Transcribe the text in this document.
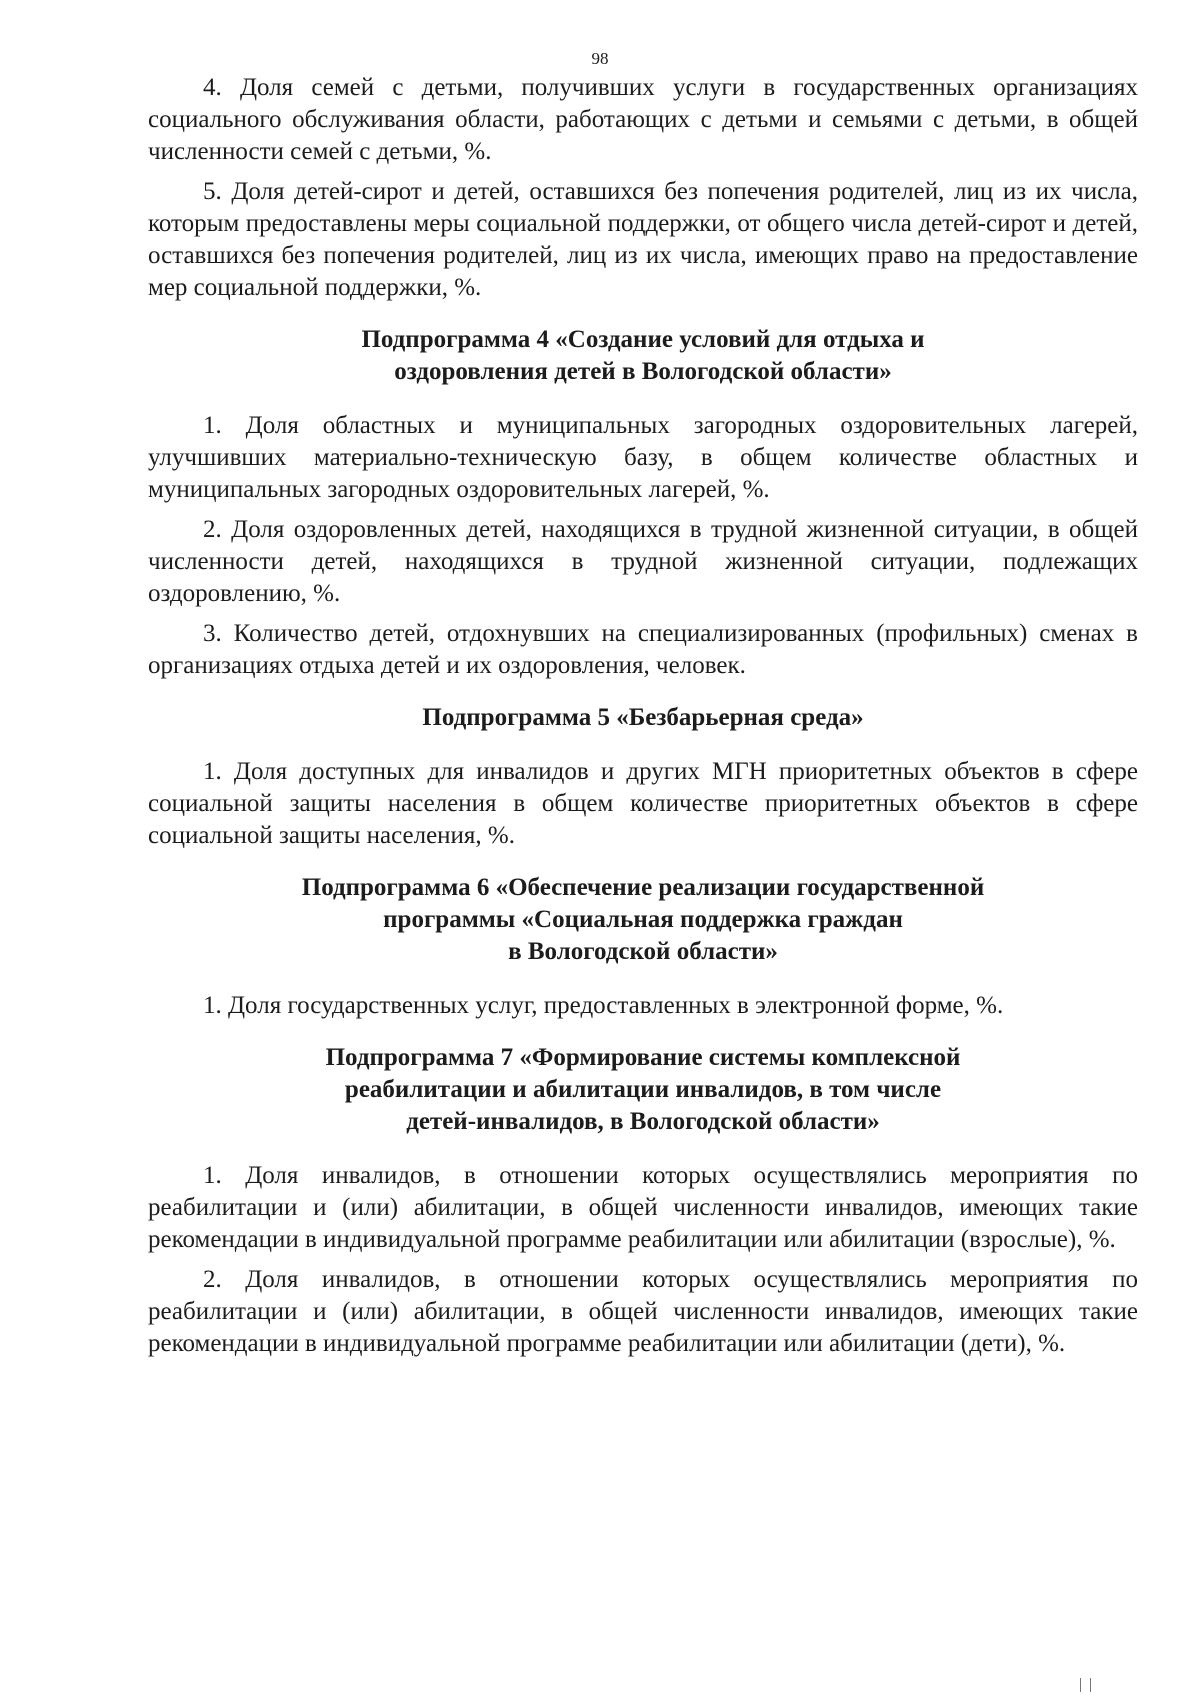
98

4. Доля семей с детьми, получивших услуги в государственных организациях социального обслуживания области, работающих с детьми и семьями с детьми, в общей численности семей с детьми, %.

5. Доля детей-сирот и детей, оставшихся без попечения родителей, лиц из их числа, которым предоставлены меры социальной поддержки, от общего числа детей-сирот и детей, оставшихся без попечения родителей, лиц из их числа, имеющих право на предоставление мер социальной поддержки, %.

Подпрограмма 4 «Создание условий для отдыха и
оздоровления детей в Вологодской области»

1. Доля областных и муниципальных загородных оздоровительных лагерей, улучшивших материально-техническую базу, в общем количестве областных и муниципальных загородных оздоровительных лагерей, %.

2. Доля оздоровленных детей, находящихся в трудной жизненной ситуации, в общей численности детей, находящихся в трудной жизненной ситуации, подлежащих оздоровлению, %.

3. Количество детей, отдохнувших на специализированных (профильных) сменах в организациях отдыха детей и их оздоровления, человек.

Подпрограмма 5 «Безбарьерная среда»

1. Доля доступных для инвалидов и других МГН приоритетных объектов в сфере социальной защиты населения в общем количестве приоритетных объектов в сфере социальной защиты населения, %.

Подпрограмма 6 «Обеспечение реализации государственной
программы «Социальная поддержка граждан
в Вологодской области»

1. Доля государственных услуг, предоставленных в электронной форме, %.

Подпрограмма 7 «Формирование системы комплексной
реабилитации и абилитации инвалидов, в том числе
детей-инвалидов, в Вологодской области»

1. Доля инвалидов, в отношении которых осуществлялись мероприятия по реабилитации и (или) абилитации, в общей численности инвалидов, имеющих такие рекомендации в индивидуальной программе реабилитации или абилитации (взрослые), %.

2. Доля инвалидов, в отношении которых осуществлялись мероприятия по реабилитации и (или) абилитации, в общей численности инвалидов, имеющих такие рекомендации в индивидуальной программе реабилитации или абилитации (дети), %.
